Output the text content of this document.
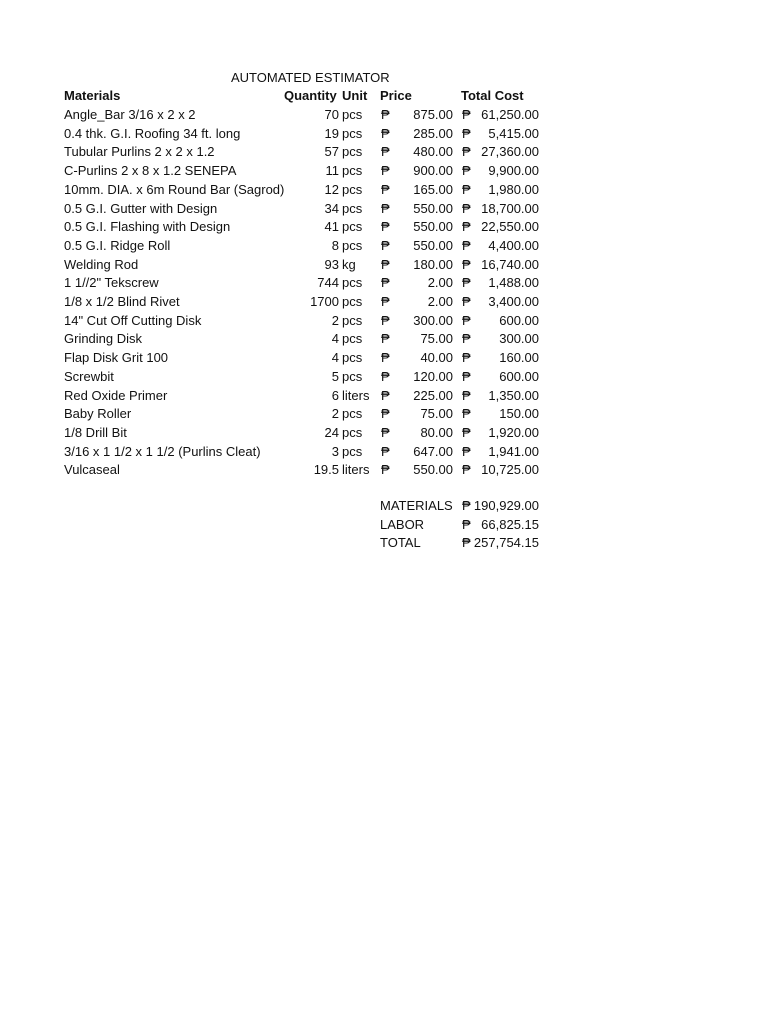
AUTOMATED ESTIMATOR
Materials	Quantity Unit Price	Total Cost
Angle_Bar 3/16 x 2 x 2	70 pcs ₱	875.00 ₱ 61,250.00
0.4 thk. G.I. Roofing 34 ft. long	19 pcs ₱	285.00 ₱	5,415.00
Tubular Purlins 2 x 2 x 1.2	57 pcs ₱	480.00 ₱ 27,360.00
C-Purlins 2 x 8 x 1.2 SENEPA	11 pcs ₱	900.00 ₱	9,900.00
10mm. DIA. x 6m Round Bar (Sagrod)	12 pcs ₱	165.00 ₱	1,980.00
0.5 G.I. Gutter with Design	34 pcs ₱	550.00 ₱ 18,700.00
0.5 G.I. Flashing with Design	41 pcs ₱	550.00 ₱ 22,550.00
0.5 G.I. Ridge Roll	8 pcs ₱	550.00 ₱	4,400.00
Welding Rod	93 kg ₱	180.00 ₱ 16,740.00
1 1//2" Tekscrew	744 pcs ₱	2.00 ₱	1,488.00
1/8 x 1/2 Blind Rivet	1700 pcs ₱	2.00 ₱	3,400.00
14" Cut Off Cutting Disk	2 pcs ₱	300.00 ₱	600.00
Grinding Disk	4 pcs ₱	75.00 ₱	300.00
Flap Disk Grit 100	4 pcs ₱	40.00 ₱	160.00
Screwbit	5 pcs ₱	120.00 ₱	600.00
Red Oxide Primer	6 liters ₱	225.00 ₱	1,350.00
Baby Roller	2 pcs ₱	75.00 ₱	150.00
1/8 Drill Bit	24 pcs ₱	80.00 ₱	1,920.00
3/16 x 1 1/2 x 1 1/2 (Purlins Cleat)	3 pcs ₱	647.00 ₱	1,941.00
Vulcaseal	19.5 liters ₱	550.00 ₱ 10,725.00
MATERIALS ₱ 190,929.00
LABOR	₱ 66,825.15
TOTAL	₱ 257,754.15
